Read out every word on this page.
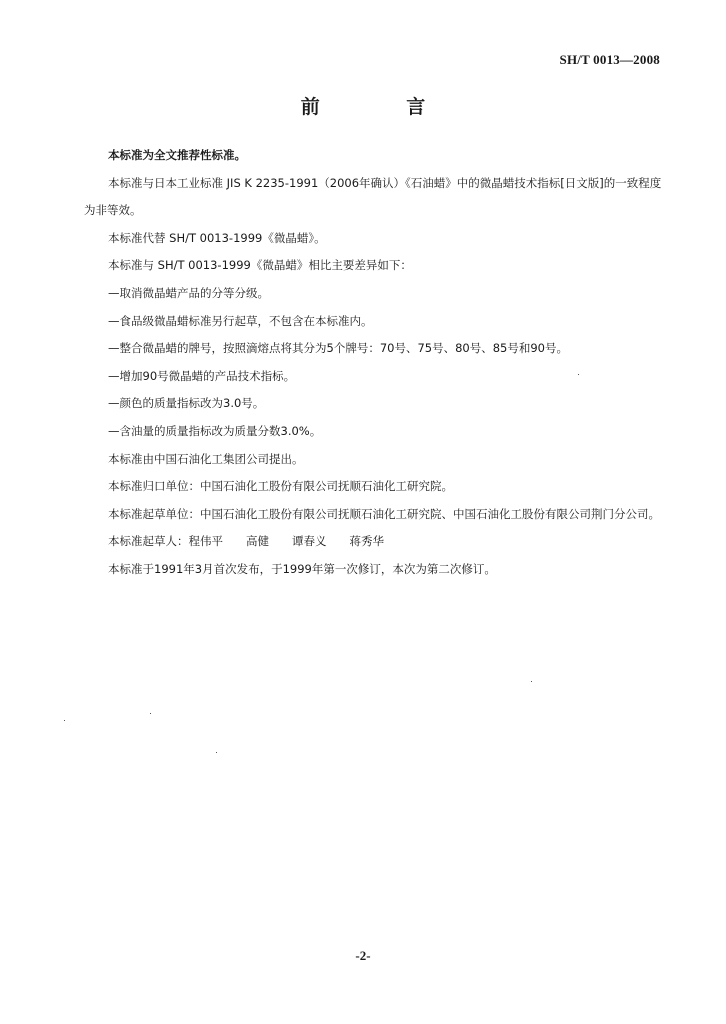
SH/T 0013—2008
前 言

本标准为全文推荐性标准。

本标准与日本工业标准 JIS K 2235-1991（2006年确认）《石油蜡》中的微晶蜡技术指标[日文版]的一致程度为非等效。

本标准代替 SH/T 0013-1999《微晶蜡》。

本标准与 SH/T 0013-1999《微晶蜡》相比主要差异如下：

—取消微晶蜡产品的分等分级。

—食品级微晶蜡标准另行起草，不包含在本标准内。

—整合微晶蜡的牌号，按照滴熔点将其分为5个牌号：70号、75号、80号、85号和90号。

—增加90号微晶蜡的产品技术指标。

—颜色的质量指标改为3.0号。

—含油量的质量指标改为质量分数3.0%。

本标准由中国石油化工集团公司提出。

本标准归口单位：中国石油化工股份有限公司抚顺石油化工研究院。

本标准起草单位：中国石油化工股份有限公司抚顺石油化工研究院、中国石油化工股份有限公司荆门分公司。

本标准起草人：程伟平　　高健　　谭春义　　蒋秀华

本标准于1991年3月首次发布，于1999年第一次修订，本次为第二次修订。

-2-
